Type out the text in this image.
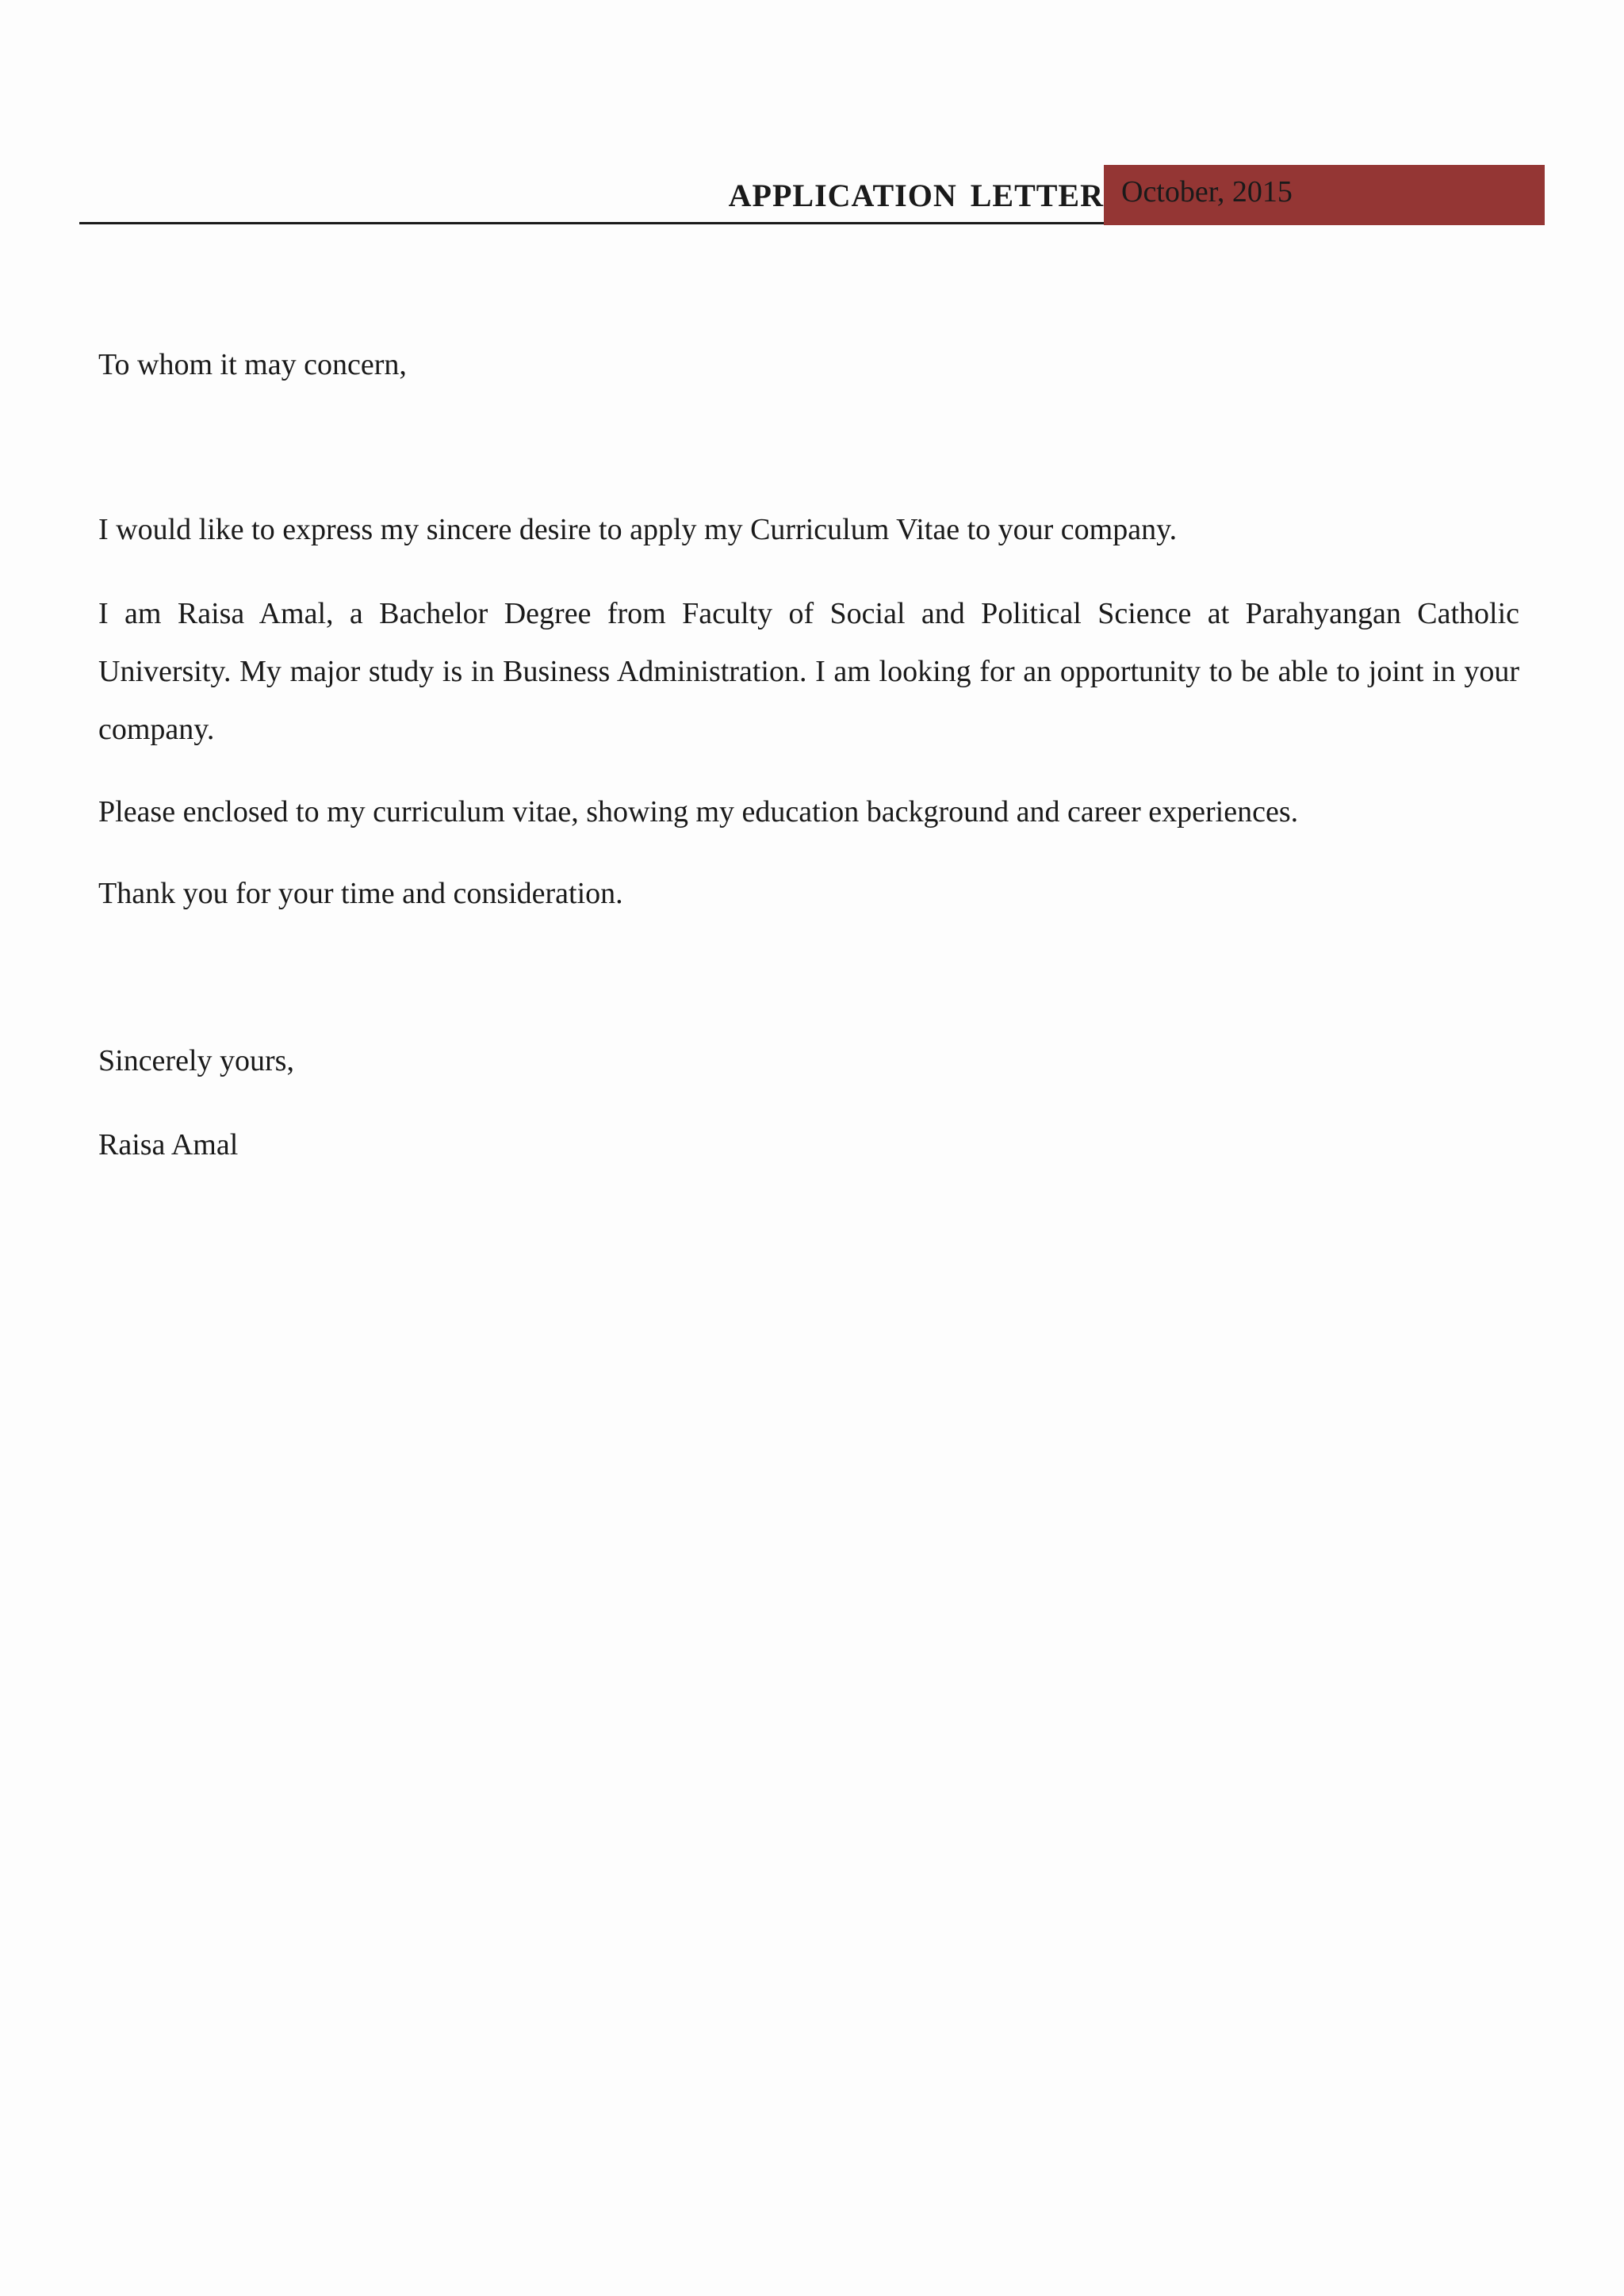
APPLICATION LETTER October, 2015

To whom it may concern,

I would like to express my sincere desire to apply my Curriculum Vitae to your company.

I am Raisa Amal, a Bachelor Degree from Faculty of Social and Political Science at Parahyangan Catholic University. My major study is in Business Administration. I am looking for an opportunity to be able to joint in your company.

Please enclosed to my curriculum vitae, showing my education background and career experiences.

Thank you for your time and consideration.

Sincerely yours,

Raisa Amal
